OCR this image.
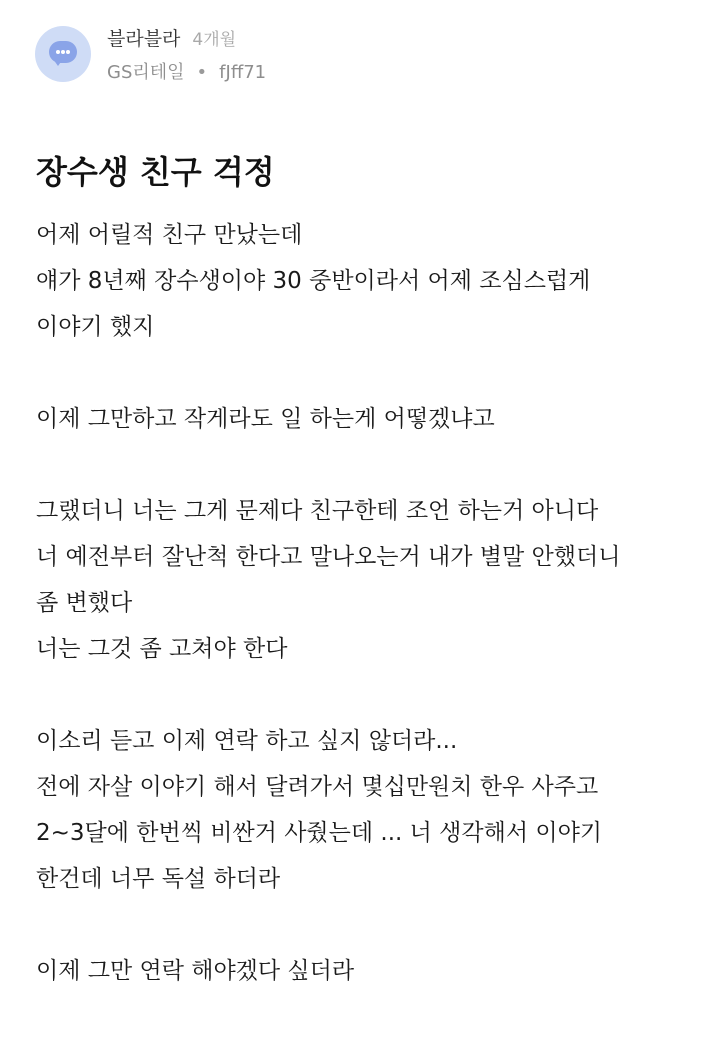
블라블라 4개월
GS리테일 • fJff71
장수생 친구 걱정
어제 어릴적 친구 만났는데
얘가 8년째 장수생이야 30 중반이라서 어제 조심스럽게
이야기 했지
이제 그만하고 작게라도 일 하는게 어떻겠냐고
그랬더니 너는 그게 문제다 친구한테 조언 하는거 아니다
너 예전부터 잘난척 한다고 말나오는거 내가 별말 안했더니
좀 변했다
너는 그것 좀 고쳐야 한다
이소리 듣고 이제 연락 하고 싶지 않더라...
전에 자살 이야기 해서 달려가서 몇십만원치 한우 사주고
2~3달에 한번씩 비싼거 사줬는데 ... 너 생각해서 이야기
한건데 너무 독설 하더라
이제 그만 연락 해야겠다 싶더라
